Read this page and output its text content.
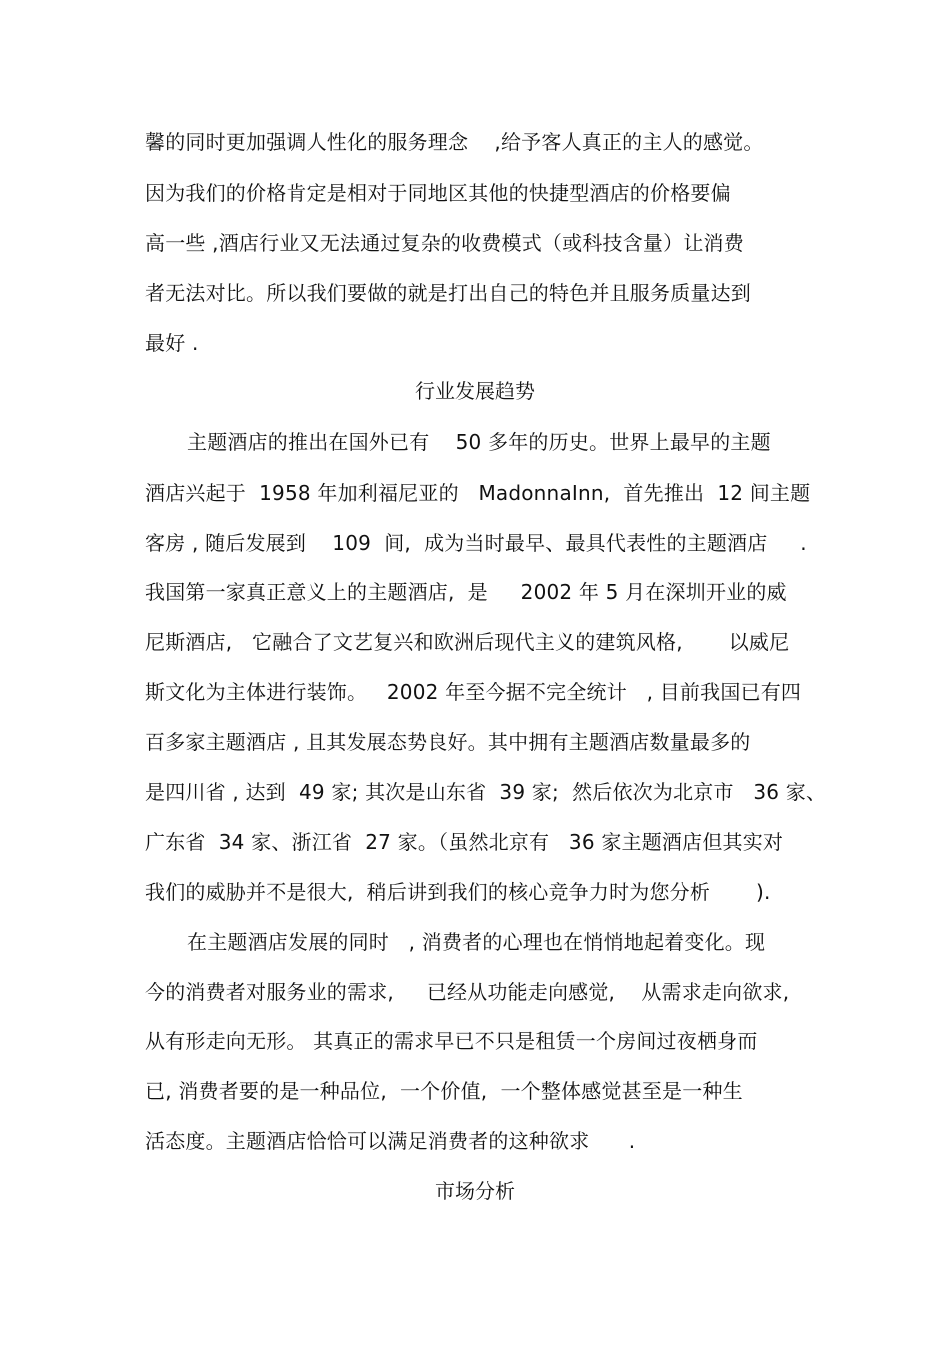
馨的同时更加强调人性化的服务理念    ,给予客人真正的主人的感觉。
因为我们的价格肯定是相对于同地区其他的快捷型酒店的价格要偏
高一些 ,酒店行业又无法通过复杂的收费模式（或科技含量）让消费
者无法对比。所以我们要做的就是打出自己的特色并且服务质量达到
最好 .
行业发展趋势
主题酒店的推出在国外已有    50 多年的历史。世界上最早的主题
酒店兴起于  1958 年加利福尼亚的   MadonnaInn,  首先推出  12 间主题
客房 , 随后发展到    109  间,  成为当时最早、最具代表性的主题酒店     .
我国第一家真正意义上的主题酒店,  是     2002 年 5 月在深圳开业的威
尼斯酒店,   它融合了文艺复兴和欧洲后现代主义的建筑风格,       以威尼
斯文化为主体进行装饰。   2002 年至今据不完全统计   , 目前我国已有四
百多家主题酒店 , 且其发展态势良好。其中拥有主题酒店数量最多的
是四川省 , 达到  49 家; 其次是山东省  39 家;  然后依次为北京市   36 家、
广东省  34 家、浙江省  27 家。（虽然北京有   36 家主题酒店但其实对
我们的威胁并不是很大,  稍后讲到我们的核心竞争力时为您分析       ).
在主题酒店发展的同时   , 消费者的心理也在悄悄地起着变化。现
今的消费者对服务业的需求,     已经从功能走向感觉,    从需求走向欲求,
从有形走向无形。 其真正的需求早已不只是租赁一个房间过夜栖身而
已, 消费者要的是一种品位,  一个价值,  一个整体感觉甚至是一种生
活态度。主题酒店恰恰可以满足消费者的这种欲求      .
市场分析
